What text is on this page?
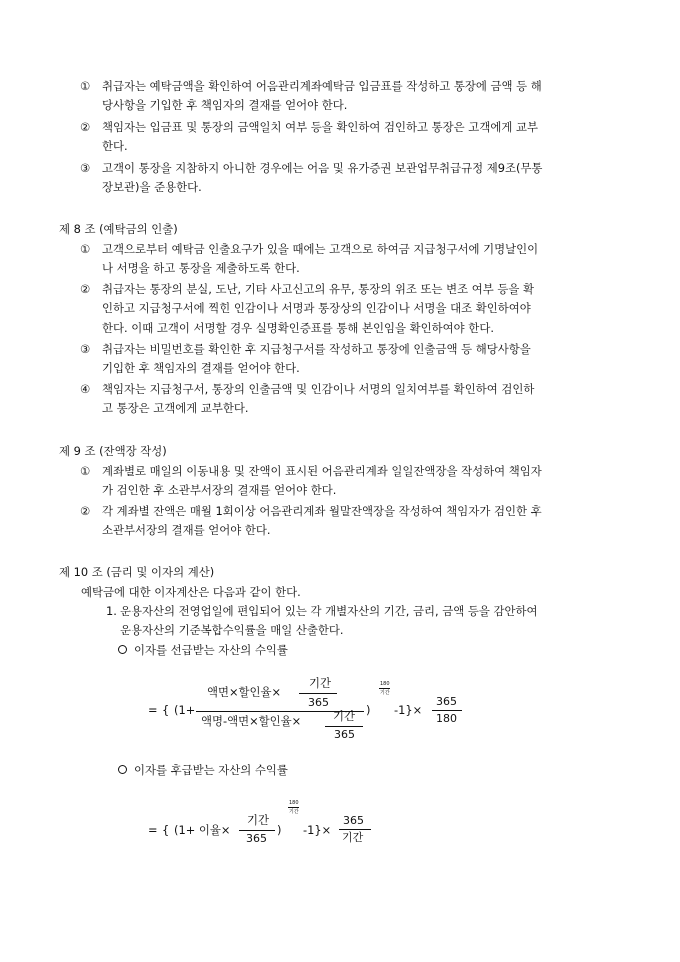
①	취급자는 예탁금액을 확인하여 어음관리계좌예탁금 입금표를 작성하고 통장에 금액 등 해
당사항을 기입한 후 책임자의 결재를 얻어야 한다.
②	책임자는 입금표 및 통장의 금액일치 여부 등을 확인하여 검인하고 통장은 고객에게 교부
한다.
③	고객이 통장을 지참하지 아니한 경우에는 어음 및 유가증권 보관업무취급규정 제9조(무통
장보관)을 준용한다.
제 8 조 (예탁금의 인출)
①	고객으로부터 예탁금 인출요구가 있을 때에는 고객으로 하여금 지급청구서에 기명날인이
나 서명을 하고 통장을 제출하도록 한다.
②	취급자는 통장의 분실, 도난, 기타 사고신고의 유무, 통장의 위조 또는 변조 여부 등을 확
인하고 지급청구서에 찍힌 인감이나 서명과 통장상의 인감이나 서명을 대조 확인하여야
한다. 이때 고객이 서명할 경우 실명확인증표를 통해 본인임을 확인하여야 한다.
③	취급자는 비밀번호를 확인한 후 지급청구서를 작성하고 통장에 인출금액 등 해당사항을
기입한 후 책임자의 결재를 얻어야 한다.
④	책임자는 지급청구서, 통장의 인출금액 및 인감이나 서명의 일치여부를 확인하여 검인하
고 통장은 고객에게 교부한다.
제 9 조 (잔액장 작성)
①	계좌별로 매일의 이동내용 및 잔액이 표시된 어음관리계좌 일일잔액장을 작성하여 책임자
가 검인한 후 소관부서장의 결재를 얻어야 한다.
②	각 계좌별 잔액은 매월 1회이상 어음관리계좌 월말잔액장을 작성하여 책임자가 검인한 후
소관부서장의 결재를 얻어야 한다.
제 10 조 (금리 및 이자의 계산)
예탁금에 대한 이자계산은 다음과 같이 한다.
1. 운용자산의 전영업일에 편입되어 있는 각 개별자산의 기간, 금리, 금액 등을 감안하여
운용자산의 기준복합수익률을 매일 산출한다.
이자를 선급받는 자산의 수익률
= { (1+
액면×할인율×
기간
365
액명-액면×할인율×	기간
365
)
180
기간
-1}×
365
180
이자를 후급받는 자산의 수익률
= { (1+ 이율×
기간
365
)
180
기간
-1}×
365
기간
